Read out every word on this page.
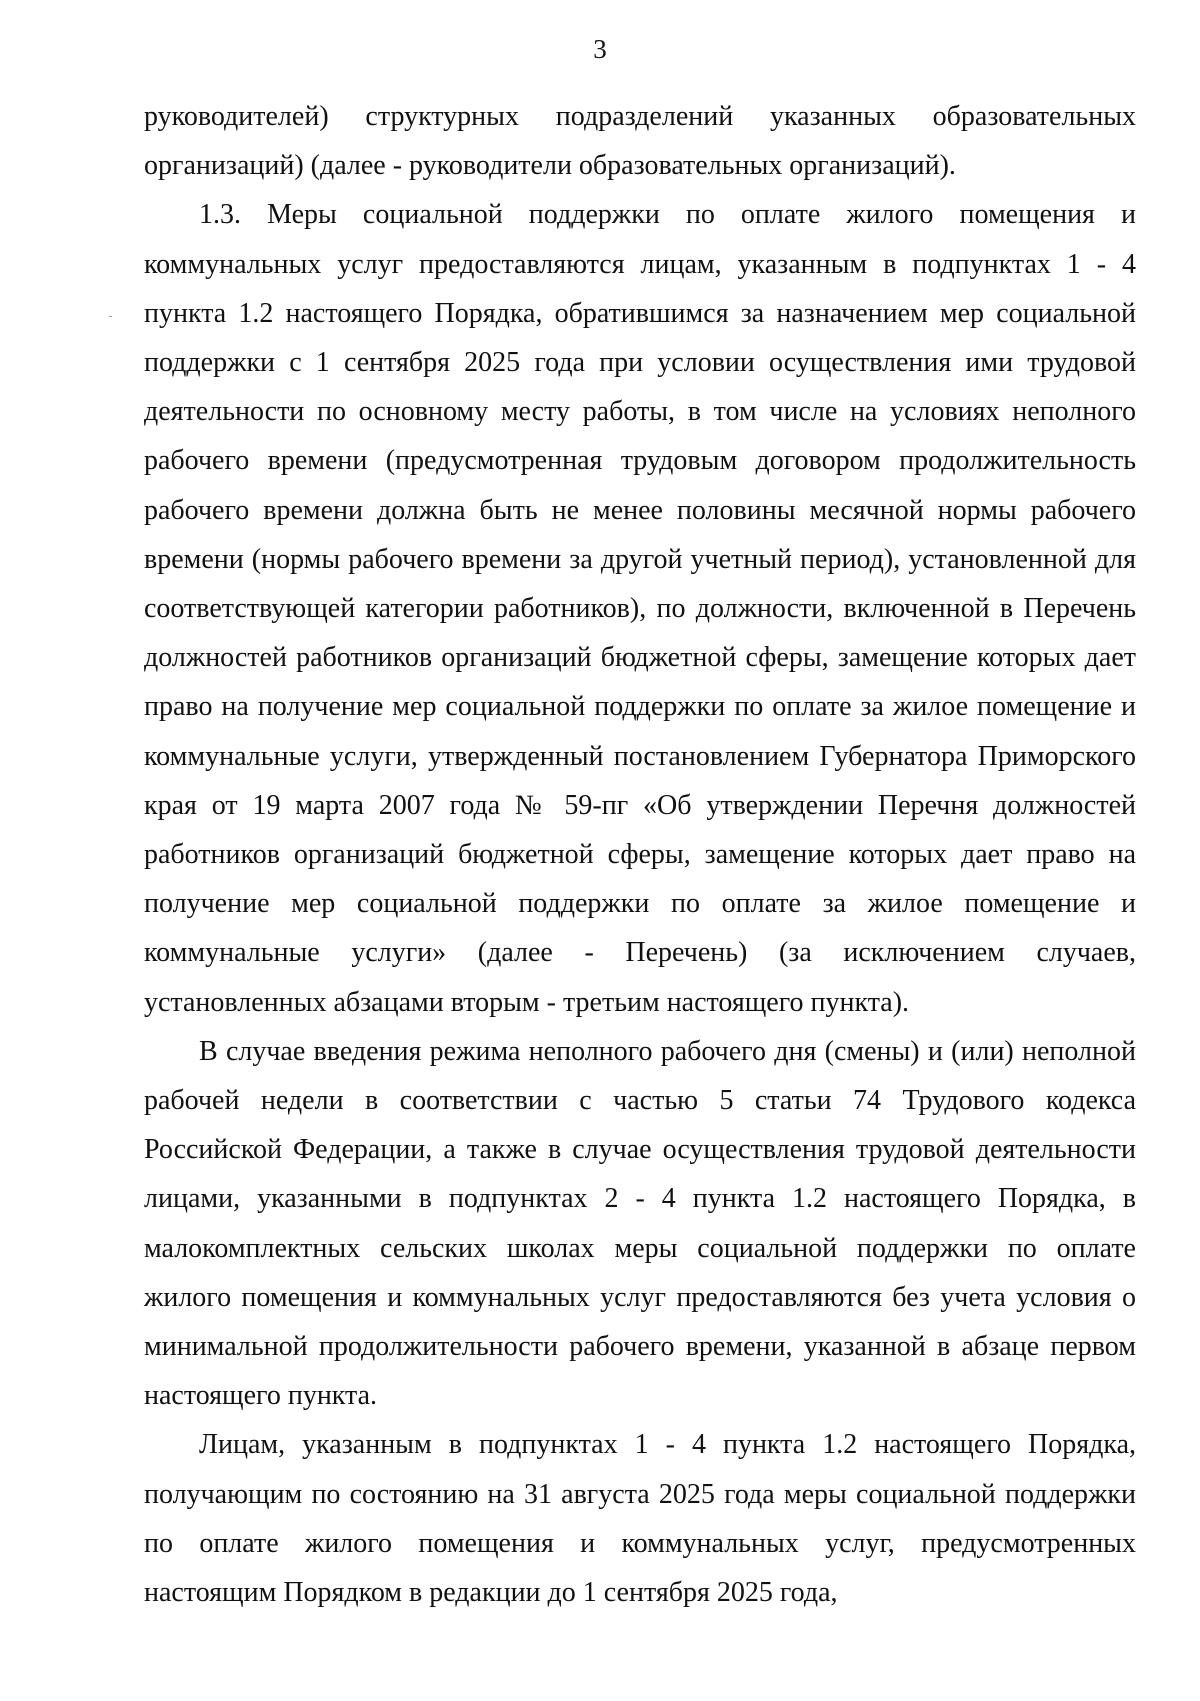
3

руководителей) структурных подразделений указанных образовательных организаций) (далее - руководители образовательных организаций).

1.3. Меры социальной поддержки по оплате жилого помещения и коммунальных услуг предоставляются лицам, указанным в подпунктах 1 - 4 пункта 1.2 настоящего Порядка, обратившимся за назначением мер социальной поддержки с 1 сентября 2025 года при условии осуществления ими трудовой деятельности по основному месту работы, в том числе на условиях неполного рабочего времени (предусмотренная трудовым договором продолжительность рабочего времени должна быть не менее половины месячной нормы рабочего времени (нормы рабочего времени за другой учетный период), установленной для соответствующей категории работников), по должности, включенной в Перечень должностей работников организаций бюджетной сферы, замещение которых дает право на получение мер социальной поддержки по оплате за жилое помещение и коммунальные услуги, утвержденный постановлением Губернатора Приморского края от 19 марта 2007 года № 59-пг «Об утверждении Перечня должностей работников организаций бюджетной сферы, замещение которых дает право на получение мер социальной поддержки по оплате за жилое помещение и коммунальные услуги» (далее - Перечень) (за исключением случаев, установленных абзацами вторым - третьим настоящего пункта).

В случае введения режима неполного рабочего дня (смены) и (или) неполной рабочей недели в соответствии с частью 5 статьи 74 Трудового кодекса Российской Федерации, а также в случае осуществления трудовой деятельности лицами, указанными в подпунктах 2 - 4 пункта 1.2 настоящего Порядка, в малокомплектных сельских школах меры социальной поддержки по оплате жилого помещения и коммунальных услуг предоставляются без учета условия о минимальной продолжительности рабочего времени, указанной в абзаце первом настоящего пункта.

Лицам, указанным в подпунктах 1 - 4 пункта 1.2 настоящего Порядка, получающим по состоянию на 31 августа 2025 года меры социальной поддержки по оплате жилого помещения и коммунальных услуг, предусмотренных настоящим Порядком в редакции до 1 сентября 2025 года,
